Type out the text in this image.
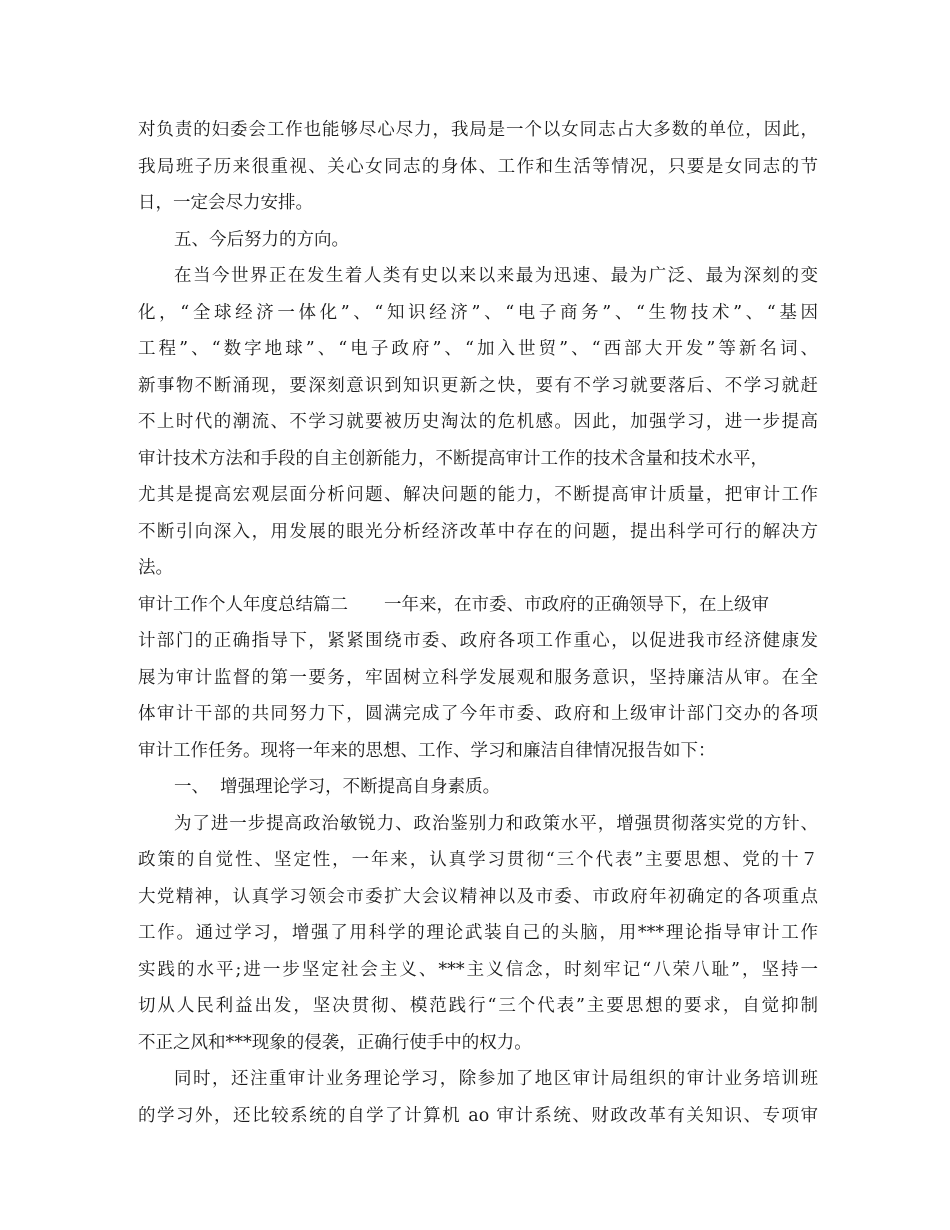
对负责的妇委会工作也能够尽心尽力，我局是一个以女同志占大多数的单位，因此，
我局班子历来很重视、关心女同志的身体、工作和生活等情况，只要是女同志的节
日，一定会尽力安排。
五、今后努力的方向。
在当今世界正在发生着人类有史以来以来最为迅速、最为广泛、最为深刻的变
化，“全球经济一体化”、“知识经济”、“电子商务”、“生物技术”、“基因
工程”、“数字地球”、“电子政府”、“加入世贸”、“西部大开发”等新名词、
新事物不断涌现，要深刻意识到知识更新之快，要有不学习就要落后、不学习就赶
不上时代的潮流、不学习就要被历史淘汰的危机感。因此，加强学习，进一步提高
审计技术方法和手段的自主创新能力，不断提高审计工作的技术含量和技术水平，
尤其是提高宏观层面分析问题、解决问题的能力，不断提高审计质量，把审计工作
不断引向深入，用发展的眼光分析经济改革中存在的问题，提出科学可行的解决方
法。
审计工作个人年度总结篇二 一年来，在市委、市政府的正确领导下，在上级审
计部门的正确指导下，紧紧围绕市委、政府各项工作重心，以促进我市经济健康发
展为审计监督的第一要务，牢固树立科学发展观和服务意识，坚持廉洁从审。在全
体审计干部的共同努力下，圆满完成了今年市委、政府和上级审计部门交办的各项
审计工作任务。现将一年来的思想、工作、学习和廉洁自律情况报告如下：
一、  增强理论学习，不断提高自身素质。
为了进一步提高政治敏锐力、政治鉴别力和政策水平，增强贯彻落实党的方针、
政策的自觉性、坚定性，一年来，认真学习贯彻“三个代表”主要思想、党的十７
大党精神，认真学习领会市委扩大会议精神以及市委、市政府年初确定的各项重点
工作。通过学习，增强了用科学的理论武装自己的头脑，用***理论指导审计工作
实践的水平;进一步坚定社会主义、***主义信念，时刻牢记“八荣八耻”，坚持一
切从人民利益出发，坚决贯彻、模范践行“三个代表”主要思想的要求，自觉抑制
不正之风和***现象的侵袭，正确行使手中的权力。
同时，还注重审计业务理论学习，除参加了地区审计局组织的审计业务培训班
的学习外，还比较系统的自学了计算机 ao 审计系统、财政改革有关知识、专项审
